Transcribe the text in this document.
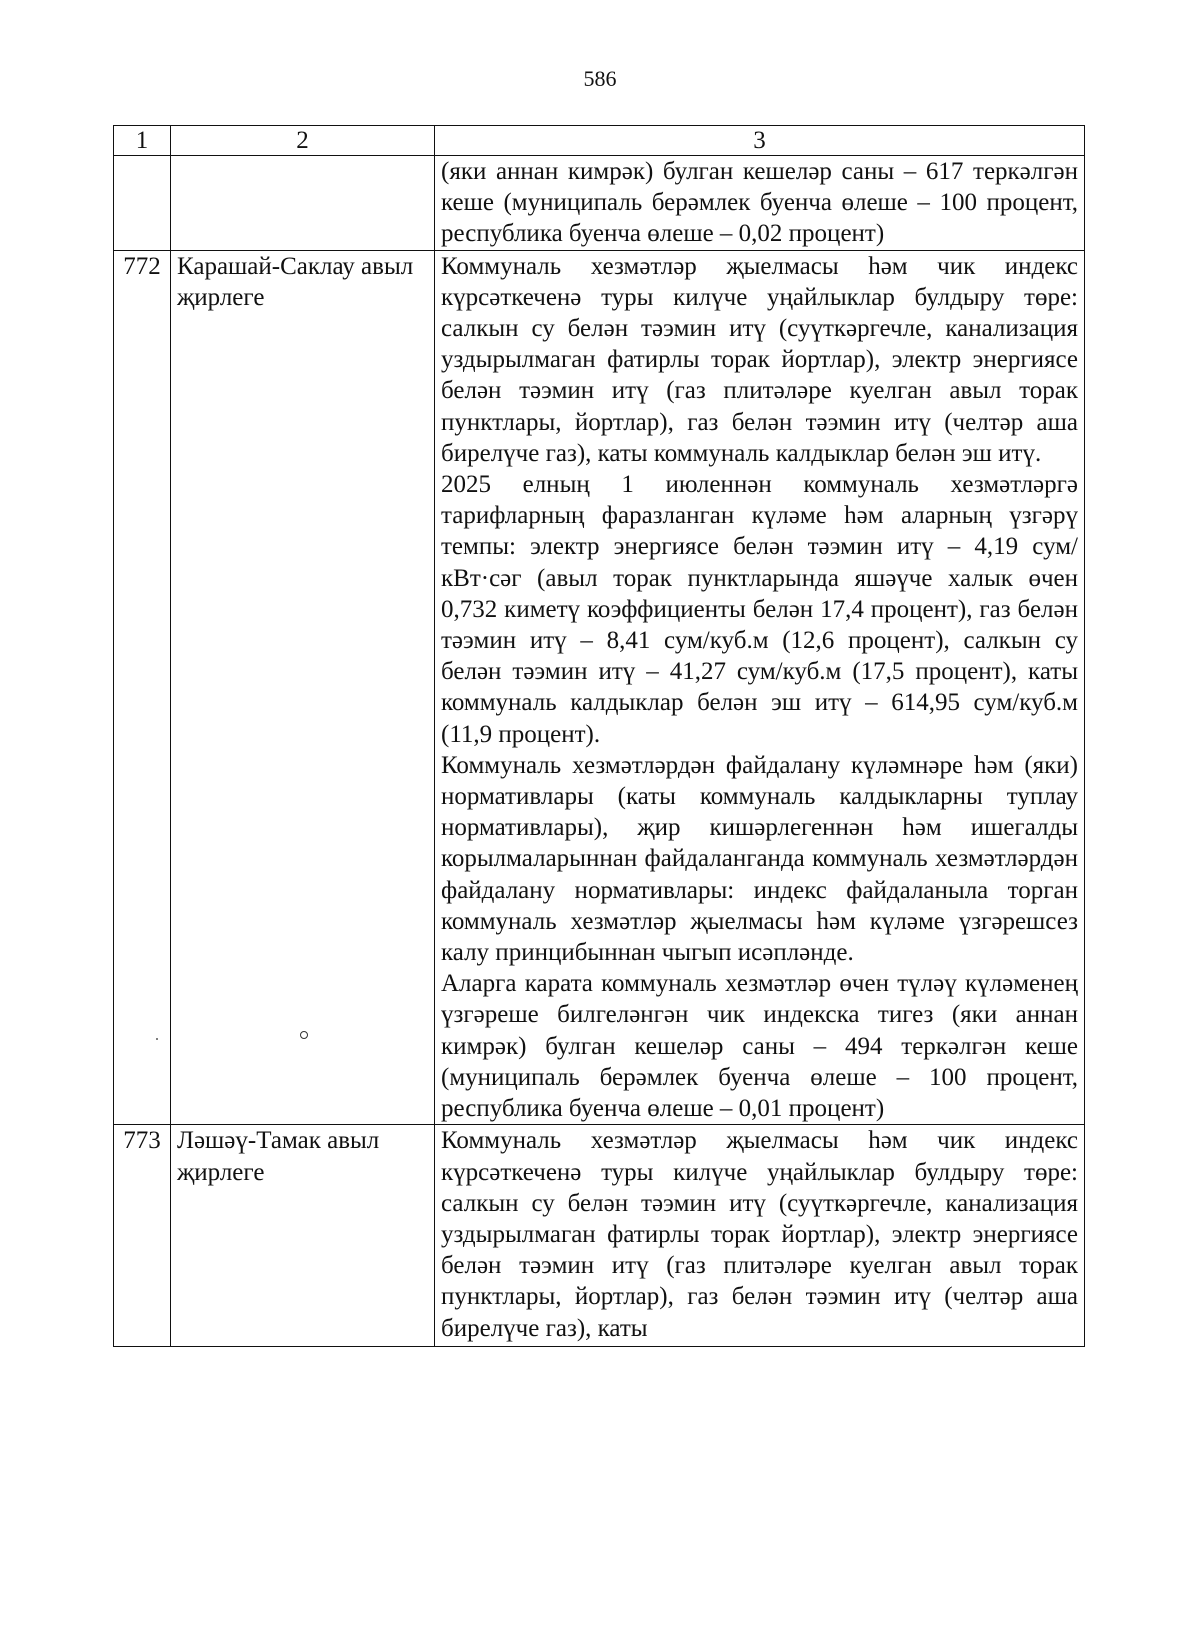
586
1	2	3

		(яки аннан кимрәк) булган кешеләр саны – 617 теркәлгән кеше (муниципаль берәмлек буенча өлеше – 100 процент, республика буенча өлеше – 0,02 процент)

772	Карашай-Саклау авыл җирлеге	Коммуналь хезмәтләр җыелмасы һәм чик индекс күрсәткеченә туры килүче уңайлыклар булдыру төре: салкын су белән тәэмин итү (суүткәргечле, канализация уздырылмаган фатирлы торак йортлар), электр энергиясе белән тәэмин итү (газ плитәләре куелган авыл торак пунктлары, йортлар), газ белән тәэмин итү (челтәр аша бирелүче газ), каты коммуналь калдыклар белән эш итү.

2025 елның 1 июленнән коммуналь хезмәтләргә тарифларның фаразланган күләме һәм аларның үзгәрү темпы: электр энергиясе белән тәэмин итү – 4,19 сум/кВт·сәг (авыл торак пунктларында яшәүче халык өчен 0,732 киметү коэффициенты белән 17,4 процент), газ белән тәэмин итү – 8,41 сум/куб.м (12,6 процент), салкын су белән тәэмин итү – 41,27 сум/куб.м (17,5 процент), каты коммуналь калдыклар белән эш итү – 614,95 сум/куб.м (11,9 процент).

Коммуналь хезмәтләрдән файдалану күләмнәре һәм (яки) нормативлары (каты коммуналь калдыкларны туплау нормативлары), җир кишәрлегеннән һәм ишегалды корылмаларыннан файдаланганда коммуналь хезмәтләрдән файдалану нормативлары: индекс файдаланыла торган коммуналь хезмәтләр җыелмасы һәм күләме үзгәрешсез калу принцибыннан чыгып исәпләнде.

Аларга карата коммуналь хезмәтләр өчен түләү күләменең үзгәреше билгеләнгән чик индекска тигез (яки аннан кимрәк) булган кешеләр саны – 494 теркәлгән кеше (муниципаль берәмлек буенча өлеше – 100 процент, республика буенча өлеше – 0,01 процент)

773	Ләшәү-Тамак авыл җирлеге	Коммуналь хезмәтләр җыелмасы һәм чик индекс күрсәткеченә туры килүче уңайлыклар булдыру төре: салкын су белән тәэмин итү (суүткәргечле, канализация уздырылмаган фатирлы торак йортлар), электр энергиясе белән тәэмин итү (газ плитәләре куелган авыл торак пунктлары, йортлар), газ белән тәэмин итү (челтәр аша бирелүче газ), каты
